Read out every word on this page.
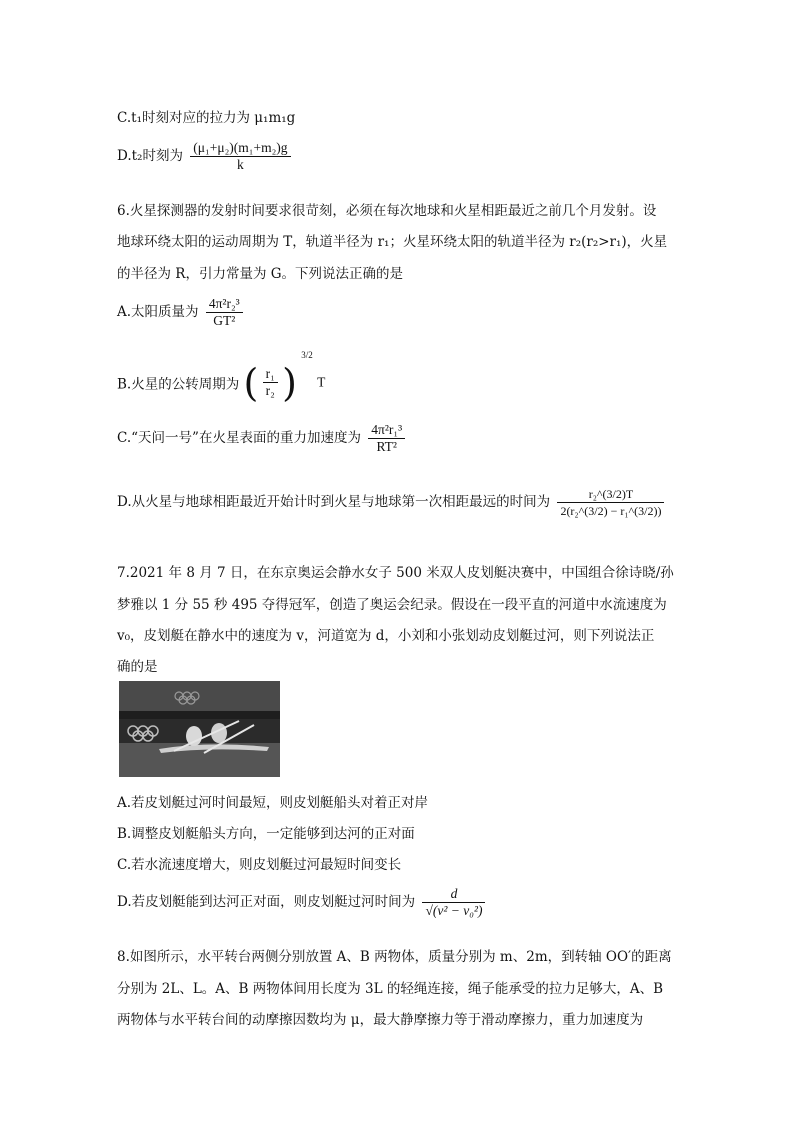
C.t₁时刻对应的拉力为 μ₁m₁g
D.t₂时刻为 $\frac{\text{(μ₁+μ₂)(m₁+m₂)g}}{k}$
6.火星探测器的发射时间要求很苛刻，必须在每次地球和火星相距最近之前几个月发射。设
地球环绕太阳的运动周期为 T，轨道半径为 r₁；火星环绕太阳的轨道半径为 r₂(r₂>r₁)，火星
的半径为 R，引力常量为 G。下列说法正确的是
A.太阳质量为 $\frac{\text{4π²r₂³}}{\text{GT²}}$
B.火星的公转周期为 ( $\frac{\text{r₁}}{\text{r₂}}$ ) $^{3/2}$ T
C.“天问一号”在火星表面的重力加速度为 $\frac{\text{4π²r₁³}}{\text{RT²}}$
D.从火星与地球相距最近开始计时到火星与地球第一次相距最远的时间为 $\frac{\text{r₂\textasciicircum{}(3/2)T}}{\text{2(r₂\textasciicircum{}(3/2) − r₁\textasciicircum{}(3/2))}}$
7.2021 年 8 月 7 日，在东京奥运会静水女子 500 米双人皮划艇决赛中，中国组合徐诗晓/孙
梦雅以 1 分 55 秒 495 夺得冠军，创造了奥运会纪录。假设在一段平直的河道中水流速度为
v₀，皮划艇在静水中的速度为 v，河道宽为 d，小刘和小张划动皮划艇过河，则下列说法正
确的是
A.若皮划艇过河时间最短，则皮划艇船头对着正对岸
B.调整皮划艇船头方向，一定能够到达河的正对面
C.若水流速度增大，则皮划艇过河最短时间变长
D.若皮划艇能到达河正对面，则皮划艇过河时间为 $\frac{d}{\text{√(v² − v₀²)}}$
8.如图所示，水平转台两侧分别放置 A、B 两物体，质量分别为 m、2m，到转轴 OO′的距离
分别为 2L、L。A、B 两物体间用长度为 3L 的轻绳连接，绳子能承受的拉力足够大，A、B
两物体与水平转台间的动摩擦因数均为 μ，最大静摩擦力等于滑动摩擦力，重力加速度为
